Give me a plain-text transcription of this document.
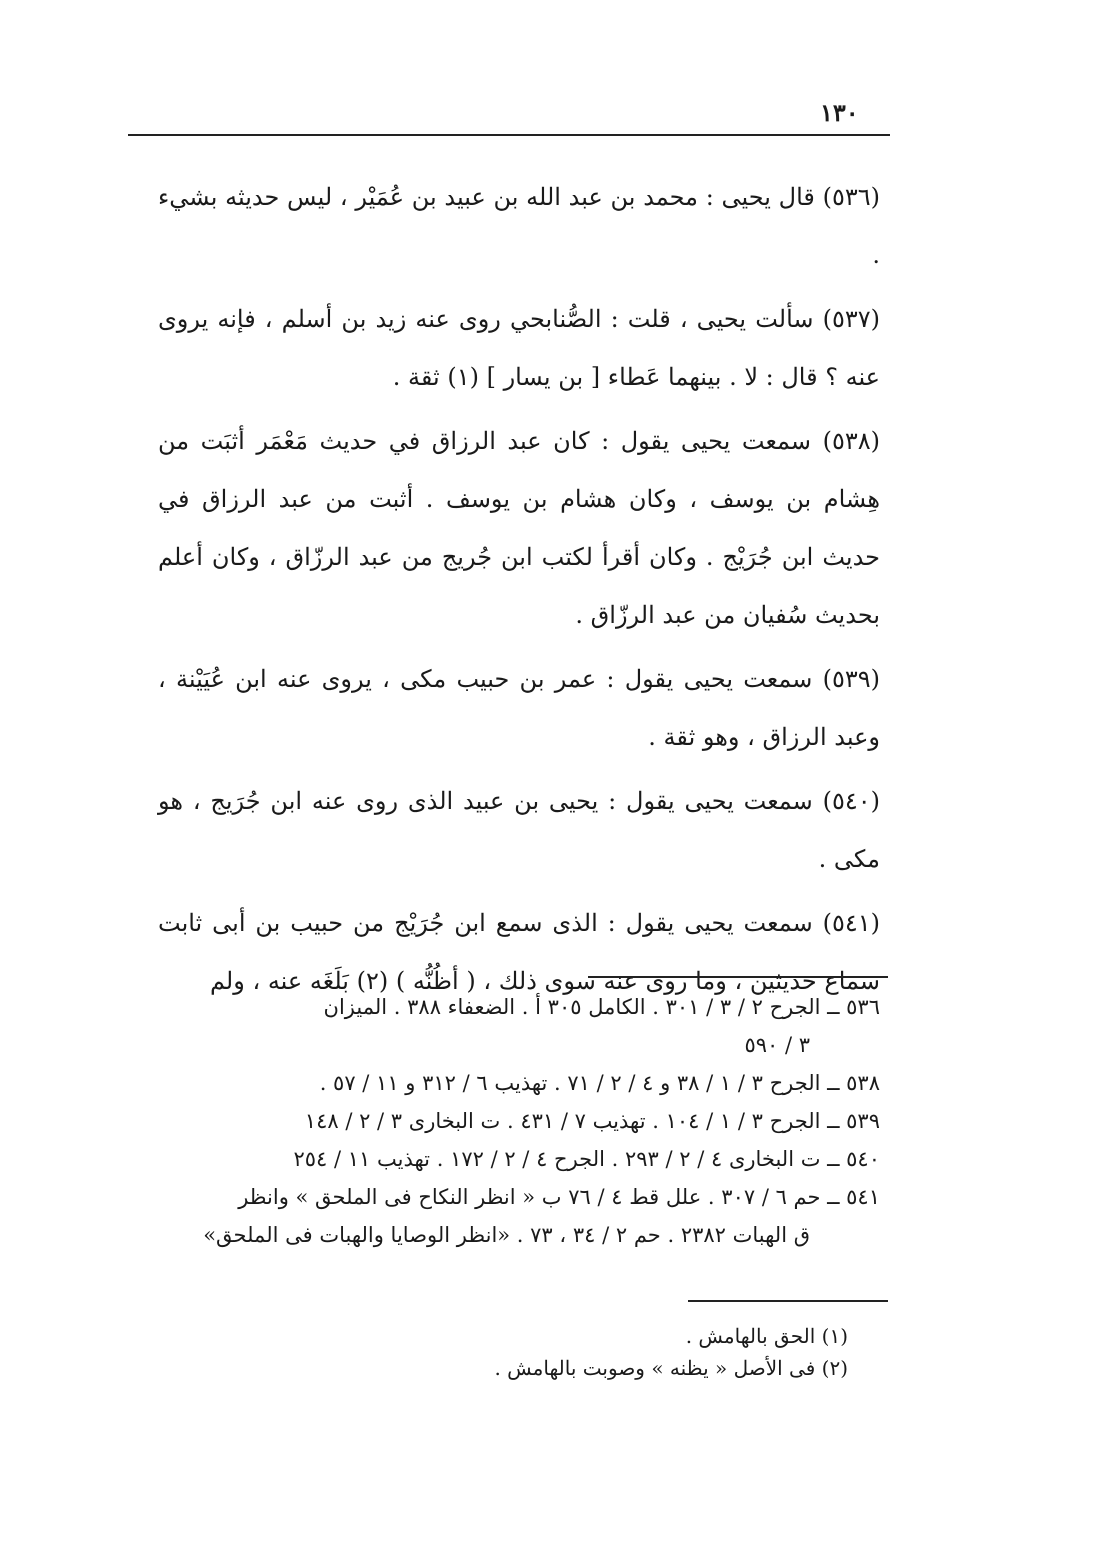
١٣٠

(٥٣٦) قال يحيى : محمد بن عبد الله بن عبيد بن عُمَيْر ، ليس حديثه بشيء .

(٥٣٧) سألت يحيى ، قلت : الصُّنابحي روى عنه زيد بن أسلم ، فإنه يروى عنه ؟ قال : لا . بينهما عَطاء [ بن يسار ] (١) ثقة .

(٥٣٨) سمعت يحيى يقول : كان عبد الرزاق في حديث مَعْمَر أثبَت من هِشام بن يوسف ، وكان هشام بن يوسف . أثبت من عبد الرزاق في حديث ابن جُرَيْج . وكان أقرأ لكتب ابن جُريج من عبد الرزّاق ، وكان أعلم بحديث سُفيان من عبد الرزّاق .

(٥٣٩) سمعت يحيى يقول : عمر بن حبيب مكى ، يروى عنه ابن عُيَيْنة ، وعبد الرزاق ، وهو ثقة .

(٥٤٠) سمعت يحيى يقول : يحيى بن عبيد الذى روى عنه ابن جُرَيج ، هو مكى .

(٥٤١) سمعت يحيى يقول : الذى سمع ابن جُرَيْج من حبيب بن أبى ثابت سماع حديثين ، وما روى عنه سوى ذلك ، ( أظُنُّه ) (٢) بَلَغَه عنه ، ولم

٥٣٦ ــ الجرح ٢ / ٣ / ٣٠١ . الكامل ٣٠٥ أ . الضعفاء ٣٨٨ . الميزان

٣ / ٥٩٠

٥٣٨ ــ الجرح ٣ / ١ / ٣٨ و ٤ / ٢ / ٧١ . تهذيب ٦ / ٣١٢ و ١١ / ٥٧ .

٥٣٩ ــ الجرح ٣ / ١ / ١٠٤ . تهذيب ٧ / ٤٣١ . ت البخارى ٣ / ٢ / ١٤٨

٥٤٠ ــ ت البخارى ٤ / ٢ / ٢٩٣ . الجرح ٤ / ٢ / ١٧٢ . تهذيب ١١ / ٢٥٤

٥٤١ ــ حم ٦ / ٣٠٧ . علل قط ٤ / ٧٦ ب « انظر النكاح فى الملحق » وانظر

ق الهبات ٢٣٨٢ . حم ٢ / ٣٤ ، ٧٣ . «انظر الوصايا والهبات فى الملحق»

(١) الحق بالهامش .

(٢) فى الأصل « يظنه » وصوبت بالهامش .
